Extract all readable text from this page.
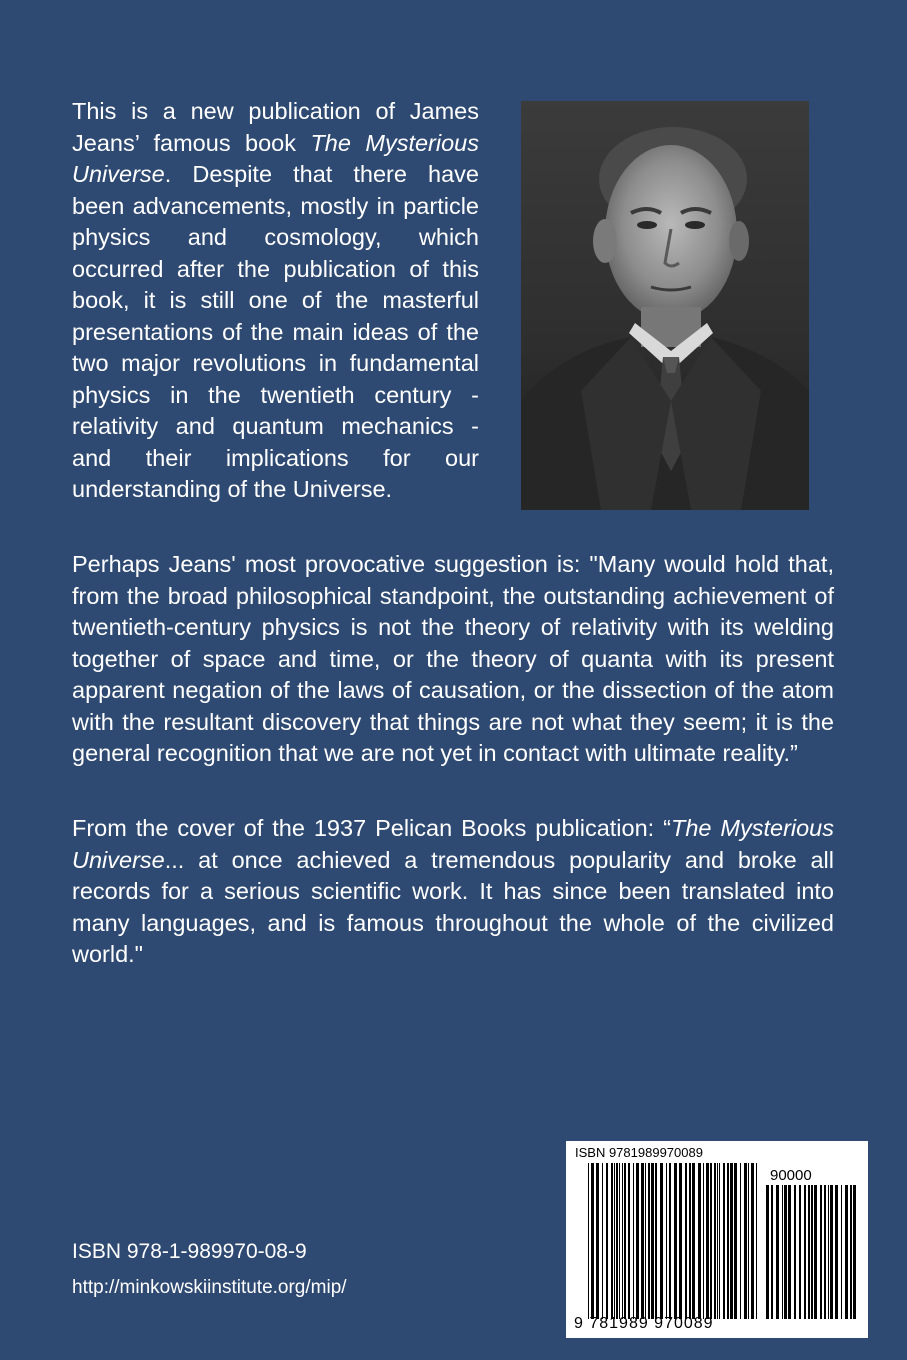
This is a new publication of James Jeans’ famous book The Mysterious Universe. Despite that there have been advancements, mostly in particle physics and cosmology, which occurred after the publication of this book, it is still one of the masterful presentations of the main ideas of the two major revolutions in fundamental physics in the twentieth century - relativity and quantum mechanics - and their implications for our understanding of the Universe.

Perhaps Jeans' most provocative suggestion is: "Many would hold that, from the broad philosophical standpoint, the outstanding achievement of twentieth-century physics is not the theory of relativity with its welding together of space and time, or the theory of quanta with its present apparent negation of the laws of causation, or the dissection of the atom with the resultant discovery that things are not what they seem; it is the general recognition that we are not yet in contact with ultimate reality.”

From the cover of the 1937 Pelican Books publication: “The Mysterious Universe... at once achieved a tremendous popularity and broke all records for a serious scientific work. It has since been translated into many languages, and is famous throughout the whole of the civilized world."

ISBN 978-1-989970-08-9

http://minkowskiinstitute.org/mip/

ISBN 9781989970089

90000

9 781989 970089
